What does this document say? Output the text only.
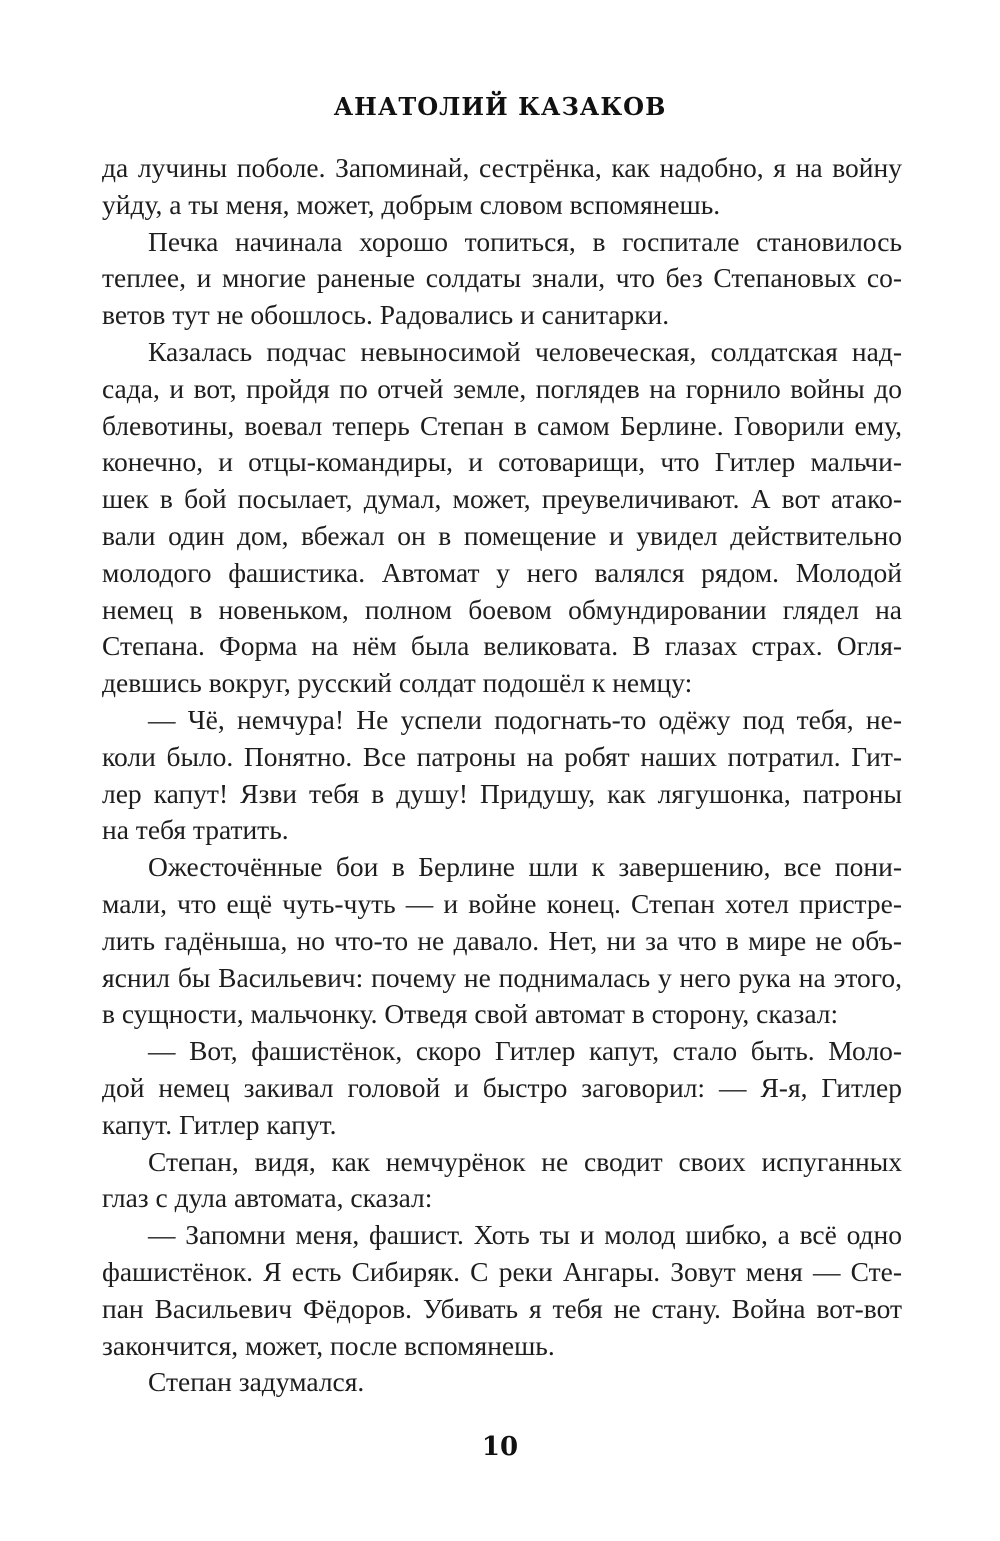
АНАТОЛИЙ КАЗАКОВ

да лучины поболе. Запоминай, сестрёнка, как надобно, я на войну
уйду, а ты меня, может, добрым словом вспомянешь.

Печка начинала хорошо топиться, в госпитале становилось
теплее, и многие раненые солдаты знали, что без Степановых со-
ветов тут не обошлось. Радовались и санитарки.

Казалась подчас невыносимой человеческая, солдатская над-
сада, и вот, пройдя по отчей земле, поглядев на горнило войны до
блевотины, воевал теперь Степан в самом Берлине. Говорили ему,
конечно, и отцы-командиры, и сотоварищи, что Гитлер мальчи-
шек в бой посылает, думал, может, преувеличивают. А вот атако-
вали один дом, вбежал он в помещение и увидел действительно
молодого фашистика. Автомат у него валялся рядом. Молодой
немец в новеньком, полном боевом обмундировании глядел на
Степана. Форма на нём была великовата. В глазах страх. Огля-
девшись вокруг, русский солдат подошёл к немцу:

— Чё, немчура! Не успели подогнать-то одёжу под тебя, не-
коли было. Понятно. Все патроны на робят наших потратил. Гит-
лер капут! Язви тебя в душу! Придушу, как лягушонка, патроны
на тебя тратить.

Ожесточённые бои в Берлине шли к завершению, все пони-
мали, что ещё чуть-чуть — и войне конец. Степан хотел пристре-
лить гадёныша, но что-то не давало. Нет, ни за что в мире не объ-
яснил бы Васильевич: почему не поднималась у него рука на этого,
в сущности, мальчонку. Отведя свой автомат в сторону, сказал:

— Вот, фашистёнок, скоро Гитлер капут, стало быть. Моло-
дой немец закивал головой и быстро заговорил: — Я-я, Гитлер
капут. Гитлер капут.

Степан, видя, как немчурёнок не сводит своих испуганных
глаз с дула автомата, сказал:

— Запомни меня, фашист. Хоть ты и молод шибко, а всё одно
фашистёнок. Я есть Сибиряк. С реки Ангары. Зовут меня — Сте-
пан Васильевич Фёдоров. Убивать я тебя не стану. Война вот-вот
закончится, может, после вспомянешь.

Степан задумался.

10
